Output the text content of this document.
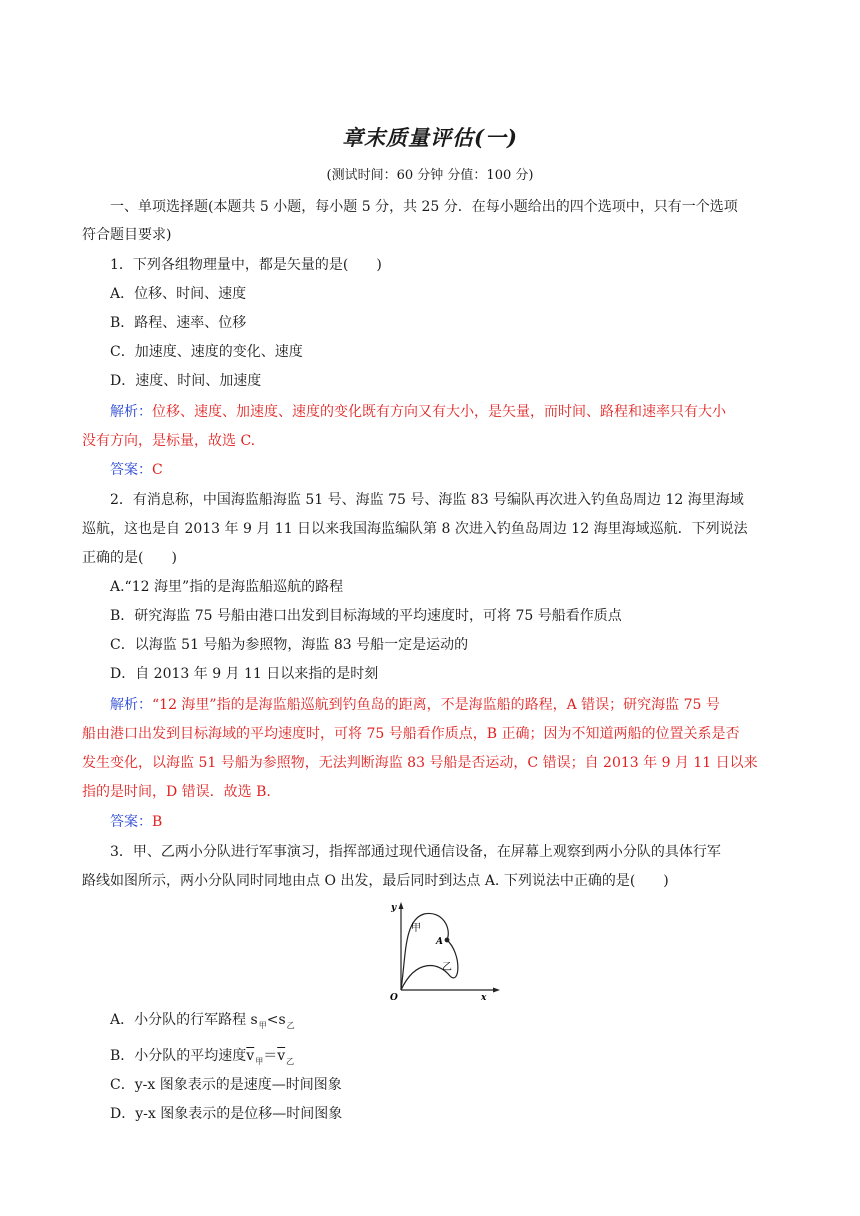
章末质量评估(一)
(测试时间：60 分钟 分值：100 分)
一、单项选择题(本题共 5 小题，每小题 5 分，共 25 分．在每小题给出的四个选项中，只有一个选项
符合题目要求)
1．下列各组物理量中，都是矢量的是(　　)
A．位移、时间、速度
B．路程、速率、位移
C．加速度、速度的变化、速度
D．速度、时间、加速度
解析：位移、速度、加速度、速度的变化既有方向又有大小，是矢量，而时间、路程和速率只有大小
没有方向，是标量，故选 C.
答案：C
2．有消息称，中国海监船海监 51 号、海监 75 号、海监 83 号编队再次进入钓鱼岛周边 12 海里海域
巡航，这也是自 2013 年 9 月 11 日以来我国海监编队第 8 次进入钓鱼岛周边 12 海里海域巡航．下列说法
正确的是(　　)
A.“12 海里”指的是海监船巡航的路程
B．研究海监 75 号船由港口出发到目标海域的平均速度时，可将 75 号船看作质点
C．以海监 51 号船为参照物，海监 83 号船一定是运动的
D．自 2013 年 9 月 11 日以来指的是时刻
解析：“12 海里”指的是海监船巡航到钓鱼岛的距离，不是海监船的路程，A 错误；研究海监 75 号
船由港口出发到目标海域的平均速度时，可将 75 号船看作质点，B 正确；因为不知道两船的位置关系是否
发生变化，以海监 51 号船为参照物，无法判断海监 83 号船是否运动，C 错误；自 2013 年 9 月 11 日以来
指的是时间，D 错误．故选 B.
答案：B
3．甲、乙两小分队进行军事演习，指挥部通过现代通信设备，在屏幕上观察到两小分队的具体行军
路线如图所示，两小分队同时同地由点 O 出发，最后同时到达点 A. 下列说法中正确的是(　　)
y
x
O
A
甲
乙
A．小分队的行军路程 $s_甲<s_乙$
B．小分队的平均速度$\overline{v}_甲=\overline{v}_乙$
C．y-x 图象表示的是速度—时间图象
D．y-x 图象表示的是位移—时间图象
